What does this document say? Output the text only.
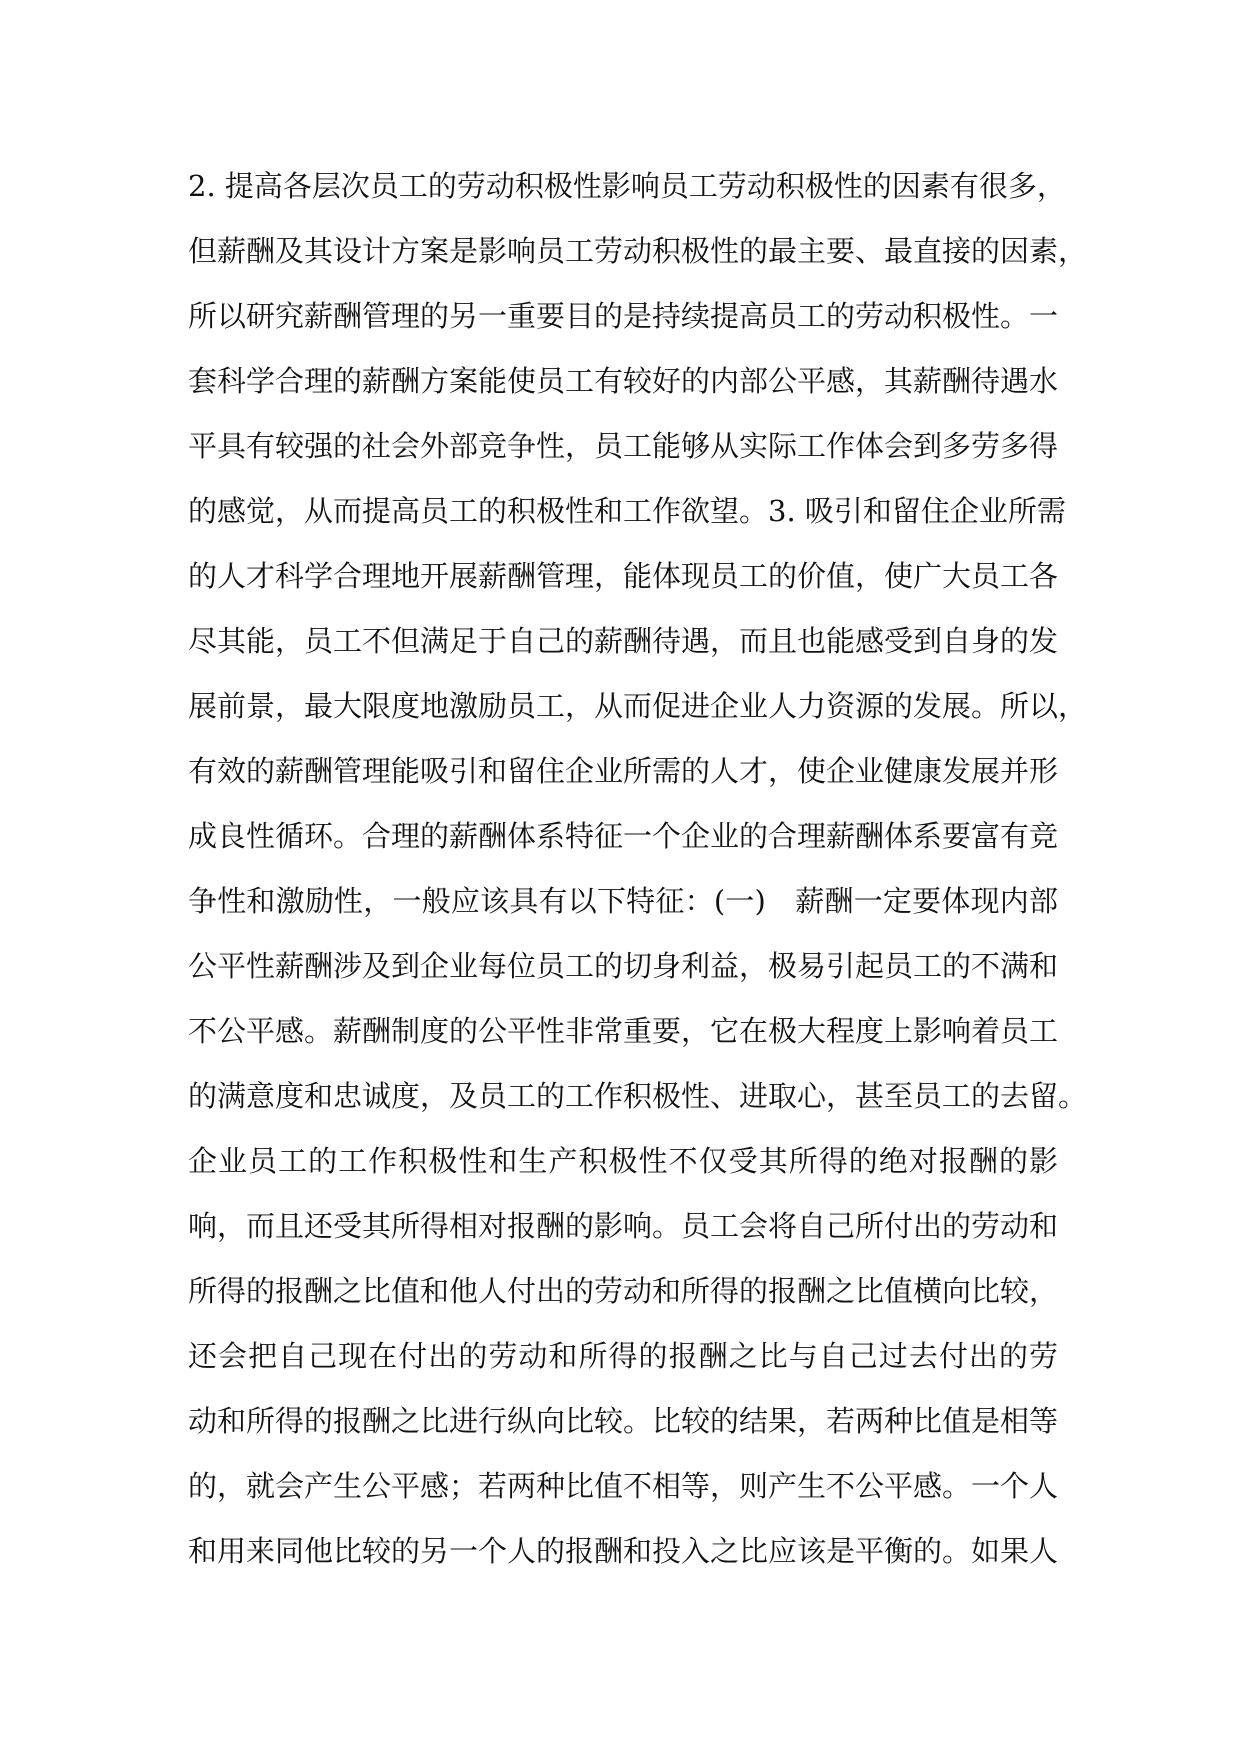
2. 提高各层次员工的劳动积极性影响员工劳动积极性的因素有很多，
但薪酬及其设计方案是影响员工劳动积极性的最主要、最直接的因素，
所以研究薪酬管理的另一重要目的是持续提高员工的劳动积极性。一
套科学合理的薪酬方案能使员工有较好的内部公平感，其薪酬待遇水
平具有较强的社会外部竞争性，员工能够从实际工作体会到多劳多得
的感觉，从而提高员工的积极性和工作欲望。3. 吸引和留住企业所需
的人才科学合理地开展薪酬管理，能体现员工的价值，使广大员工各
尽其能，员工不但满足于自己的薪酬待遇，而且也能感受到自身的发
展前景，最大限度地激励员工，从而促进企业人力资源的发展。所以，
有效的薪酬管理能吸引和留住企业所需的人才，使企业健康发展并形
成良性循环。合理的薪酬体系特征一个企业的合理薪酬体系要富有竞
争性和激励性，一般应该具有以下特征：(一)　薪酬一定要体现内部
公平性薪酬涉及到企业每位员工的切身利益，极易引起员工的不满和
不公平感。薪酬制度的公平性非常重要，它在极大程度上影响着员工
的满意度和忠诚度，及员工的工作积极性、进取心，甚至员工的去留。
企业员工的工作积极性和生产积极性不仅受其所得的绝对报酬的影
响，而且还受其所得相对报酬的影响。员工会将自己所付出的劳动和
所得的报酬之比值和他人付出的劳动和所得的报酬之比值横向比较，
还会把自己现在付出的劳动和所得的报酬之比与自己过去付出的劳
动和所得的报酬之比进行纵向比较。比较的结果，若两种比值是相等
的，就会产生公平感；若两种比值不相等，则产生不公平感。一个人
和用来同他比较的另一个人的报酬和投入之比应该是平衡的。如果人
